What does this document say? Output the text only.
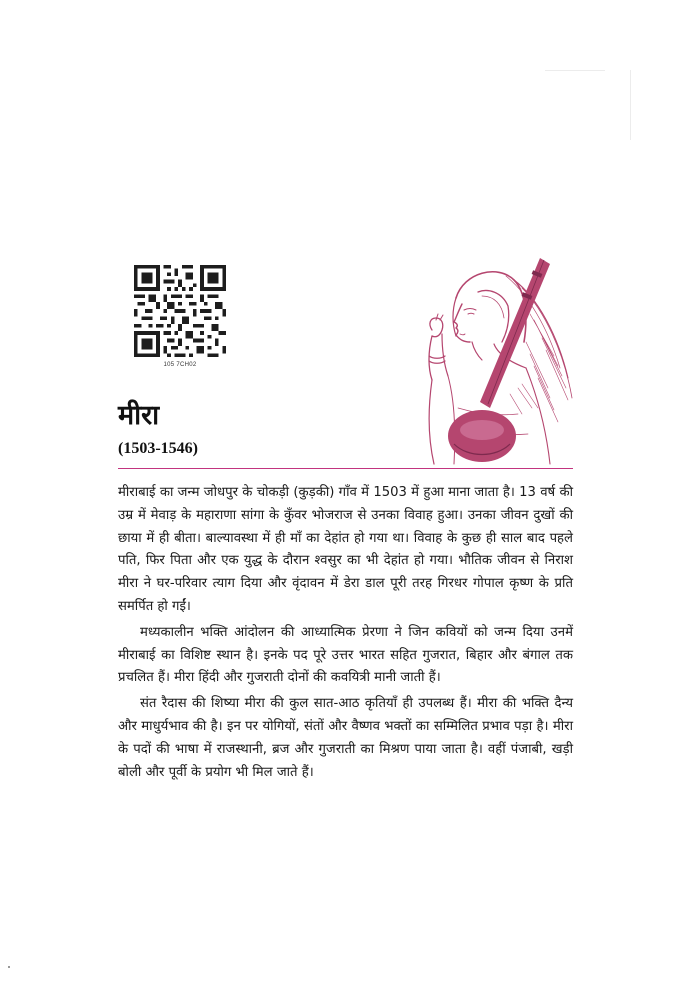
105 7CH02
मीरा

(1503-1546)

मीराबाई का जन्म जोधपुर के चोकड़ी (कुड़की) गाँव में 1503 में हुआ माना जाता है। 13 वर्ष की उम्र में मेवाड़ के महाराणा सांगा के कुँवर भोजराज से उनका विवाह हुआ। उनका जीवन दुखों की छाया में ही बीता। बाल्यावस्था में ही माँ का देहांत हो गया था। विवाह के कुछ ही साल बाद पहले पति, फिर पिता और एक युद्ध के दौरान श्वसुर का भी देहांत हो गया। भौतिक जीवन से निराश मीरा ने घर-परिवार त्याग दिया और वृंदावन में डेरा डाल पूरी तरह गिरधर गोपाल कृष्ण के प्रति समर्पित हो गईं।

मध्यकालीन भक्ति आंदोलन की आध्यात्मिक प्रेरणा ने जिन कवियों को जन्म दिया उनमें मीराबाई का विशिष्ट स्थान है। इनके पद पूरे उत्तर भारत सहित गुजरात, बिहार और बंगाल तक प्रचलित हैं। मीरा हिंदी और गुजराती दोनों की कवयित्री मानी जाती हैं।

संत रैदास की शिष्या मीरा की कुल सात-आठ कृतियाँ ही उपलब्ध हैं। मीरा की भक्ति दैन्य और माधुर्यभाव की है। इन पर योगियों, संतों और वैष्णव भक्तों का सम्मिलित प्रभाव पड़ा है। मीरा के पदों की भाषा में राजस्थानी, ब्रज और गुजराती का मिश्रण पाया जाता है। वहीं पंजाबी, खड़ी बोली और पूर्वी के प्रयोग भी मिल जाते हैं।
